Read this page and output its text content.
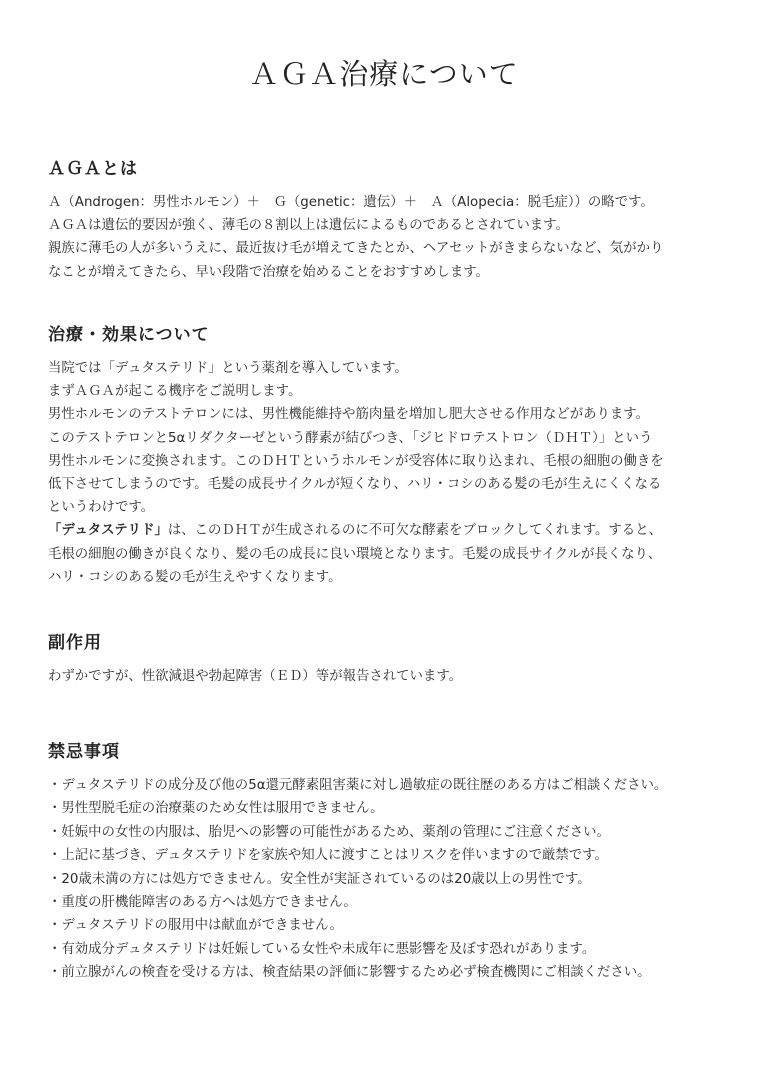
ＡＧＡ治療について
ＡＧＡとは

Ａ（Androgen：男性ホルモン）＋　Ｇ（genetic：遺伝）＋　Ａ（Alopecia：脱毛症））の略です。

ＡＧＡは遺伝的要因が強く、薄毛の８割以上は遺伝によるものであるとされています。

親族に薄毛の人が多いうえに、最近抜け毛が増えてきたとか、ヘアセットがきまらないなど、気がかり

なことが増えてきたら、早い段階で治療を始めることをおすすめします。

治療・効果について

当院では「デュタステリド」という薬剤を導入しています。

まずＡＧＡが起こる機序をご説明します。

男性ホルモンのテストテロンには、男性機能維持や筋肉量を増加し肥大させる作用などがあります。

このテストテロンと5αリダクターゼという酵素が結びつき、「ジヒドロテストロン（ＤＨＴ）」という

男性ホルモンに変換されます。このＤＨＴというホルモンが受容体に取り込まれ、毛根の細胞の働きを

低下させてしまうのです。毛髪の成長サイクルが短くなり、ハリ・コシのある髪の毛が生えにくくなる

というわけです。

「デュタステリド」は、このＤＨＴが生成されるのに不可欠な酵素をブロックしてくれます。すると、

毛根の細胞の働きが良くなり、髪の毛の成長に良い環境となります。毛髪の成長サイクルが長くなり、

ハリ・コシのある髪の毛が生えやすくなります。

副作用

わずかですが、性欲減退や勃起障害（ＥＤ）等が報告されています。

禁忌事項

・デュタステリドの成分及び他の5α還元酵素阻害薬に対し過敏症の既往歴のある方はご相談ください。

・男性型脱毛症の治療薬のため女性は服用できません。

・妊娠中の女性の内服は、胎児への影響の可能性があるため、薬剤の管理にご注意ください。

・上記に基づき、デュタステリドを家族や知人に渡すことはリスクを伴いますので厳禁です。

・20歳未満の方には処方できません。安全性が実証されているのは20歳以上の男性です。

・重度の肝機能障害のある方へは処方できません。

・デュタステリドの服用中は献血ができません。

・有効成分デュタステリドは妊娠している女性や未成年に悪影響を及ぼす恐れがあります。

・前立腺がんの検査を受ける方は、検査結果の評価に影響するため必ず検査機関にご相談ください。
